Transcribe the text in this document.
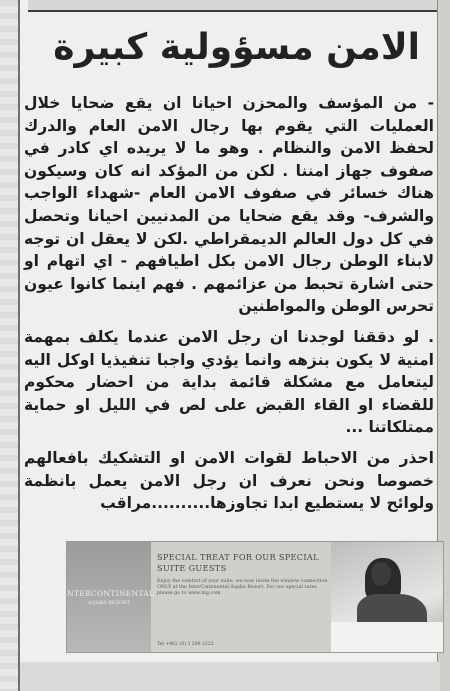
الامن مسؤولية كبيرة

- من المؤسف والمحزن احيانا ان يقع ضحايا خلال العمليات التي يقوم بها رجال الامن العام والدرك لحفظ الامن والنظام . وهو ما لا يريده اي كادر في صفوف جهاز امننا . لكن من المؤكد انه كان وسيكون هناك خسائر في صفوف الامن العام -شهداء الواجب والشرف- وقد يقع ضحايا من المدنيين احيانا وتحصل في كل دول العالم الديمقراطي .لكن لا يعقل ان توجه لابناء الوطن رجال الامن بكل اطيافهم - اي اتهام او حتى اشارة تحبط من عزائمهم . فهم اينما كانوا عيون تحرس الوطن والمواطنين

. لو دققنا لوجدنا ان رجل الامن عندما يكلف بمهمة امنية لا يكون بنزهه وانما يؤدي واجبا تنفيذيا اوكل اليه ليتعامل مع مشكلة قائمة بداية من احضار محكوم للقضاء او القاء القبض على لص في الليل او حماية ممتلكاتنا ...

احذر من الاحباط لقوات الامن او التشكيك بافعالهم خصوصا ونحن نعرف ان رجل الامن يعمل بانظمة ولوائح لا يستطيع ابدا تجاوزها..........مراقب

INTERCONTINENTAL
AQABA RESORT
SPECIAL TREAT FOR OUR SPECIAL SUITE GUESTS
Enjoy the comfort of your suite, we now invite the window connection ONLY at the InterContinental Aqaba Resort. For our special rates please go to www.ing.com
Tel +962 (0) 3 209 2222
